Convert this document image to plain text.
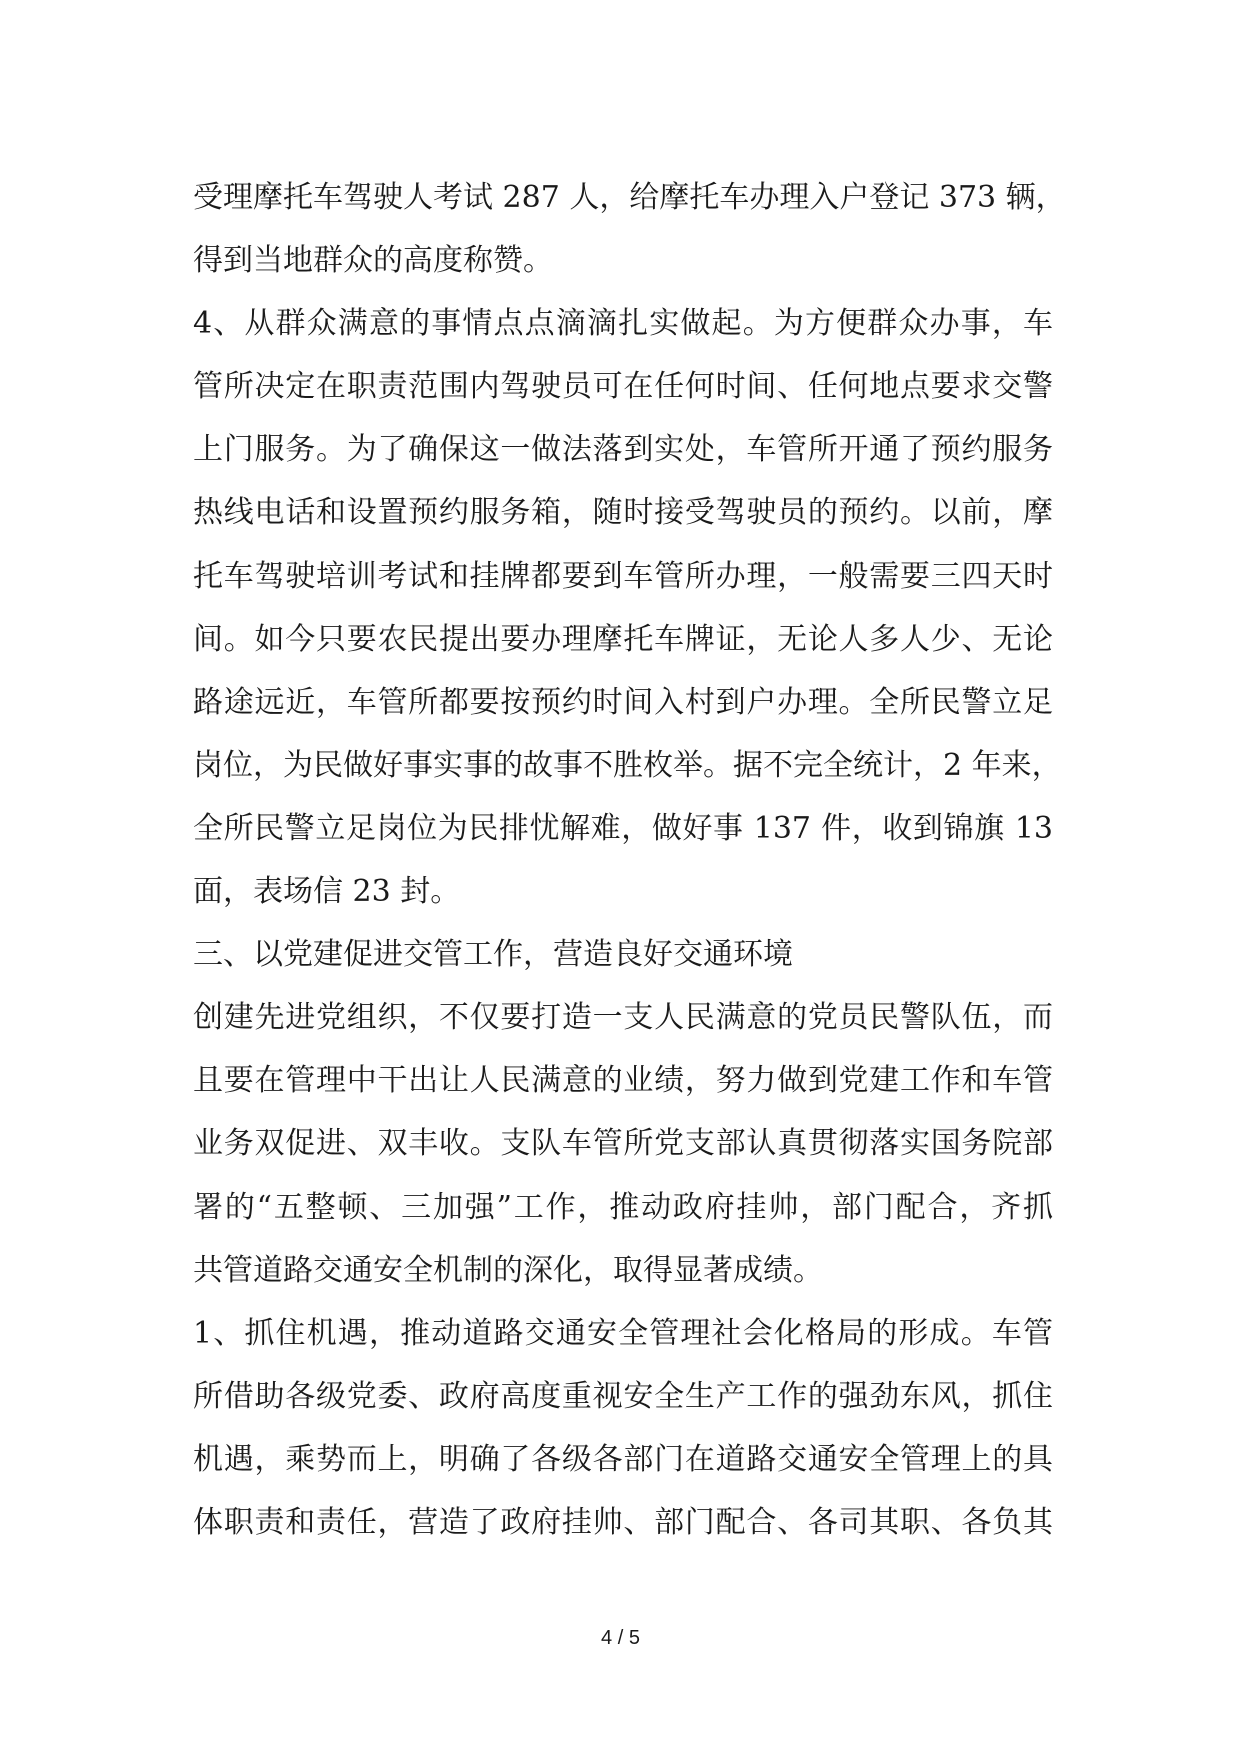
受理摩托车驾驶人考试 287 人，给摩托车办理入户登记 373 辆，
得到当地群众的高度称赞。
4、从群众满意的事情点点滴滴扎实做起。为方便群众办事，车
管所决定在职责范围内驾驶员可在任何时间、任何地点要求交警
上门服务。为了确保这一做法落到实处，车管所开通了预约服务
热线电话和设置预约服务箱，随时接受驾驶员的预约。以前，摩
托车驾驶培训考试和挂牌都要到车管所办理，一般需要三四天时
间。如今只要农民提出要办理摩托车牌证，无论人多人少、无论
路途远近，车管所都要按预约时间入村到户办理。全所民警立足
岗位，为民做好事实事的故事不胜枚举。据不完全统计，2 年来，
全所民警立足岗位为民排忧解难，做好事 137 件，收到锦旗 13
面，表场信 23 封。
三、以党建促进交管工作，营造良好交通环境
创建先进党组织，不仅要打造一支人民满意的党员民警队伍，而
且要在管理中干出让人民满意的业绩，努力做到党建工作和车管
业务双促进、双丰收。支队车管所党支部认真贯彻落实国务院部
署的“五整顿、三加强”工作，推动政府挂帅，部门配合，齐抓
共管道路交通安全机制的深化，取得显著成绩。
1、抓住机遇，推动道路交通安全管理社会化格局的形成。车管
所借助各级党委、政府高度重视安全生产工作的强劲东风，抓住
机遇，乘势而上，明确了各级各部门在道路交通安全管理上的具
体职责和责任，营造了政府挂帅、部门配合、各司其职、各负其
4 / 5
